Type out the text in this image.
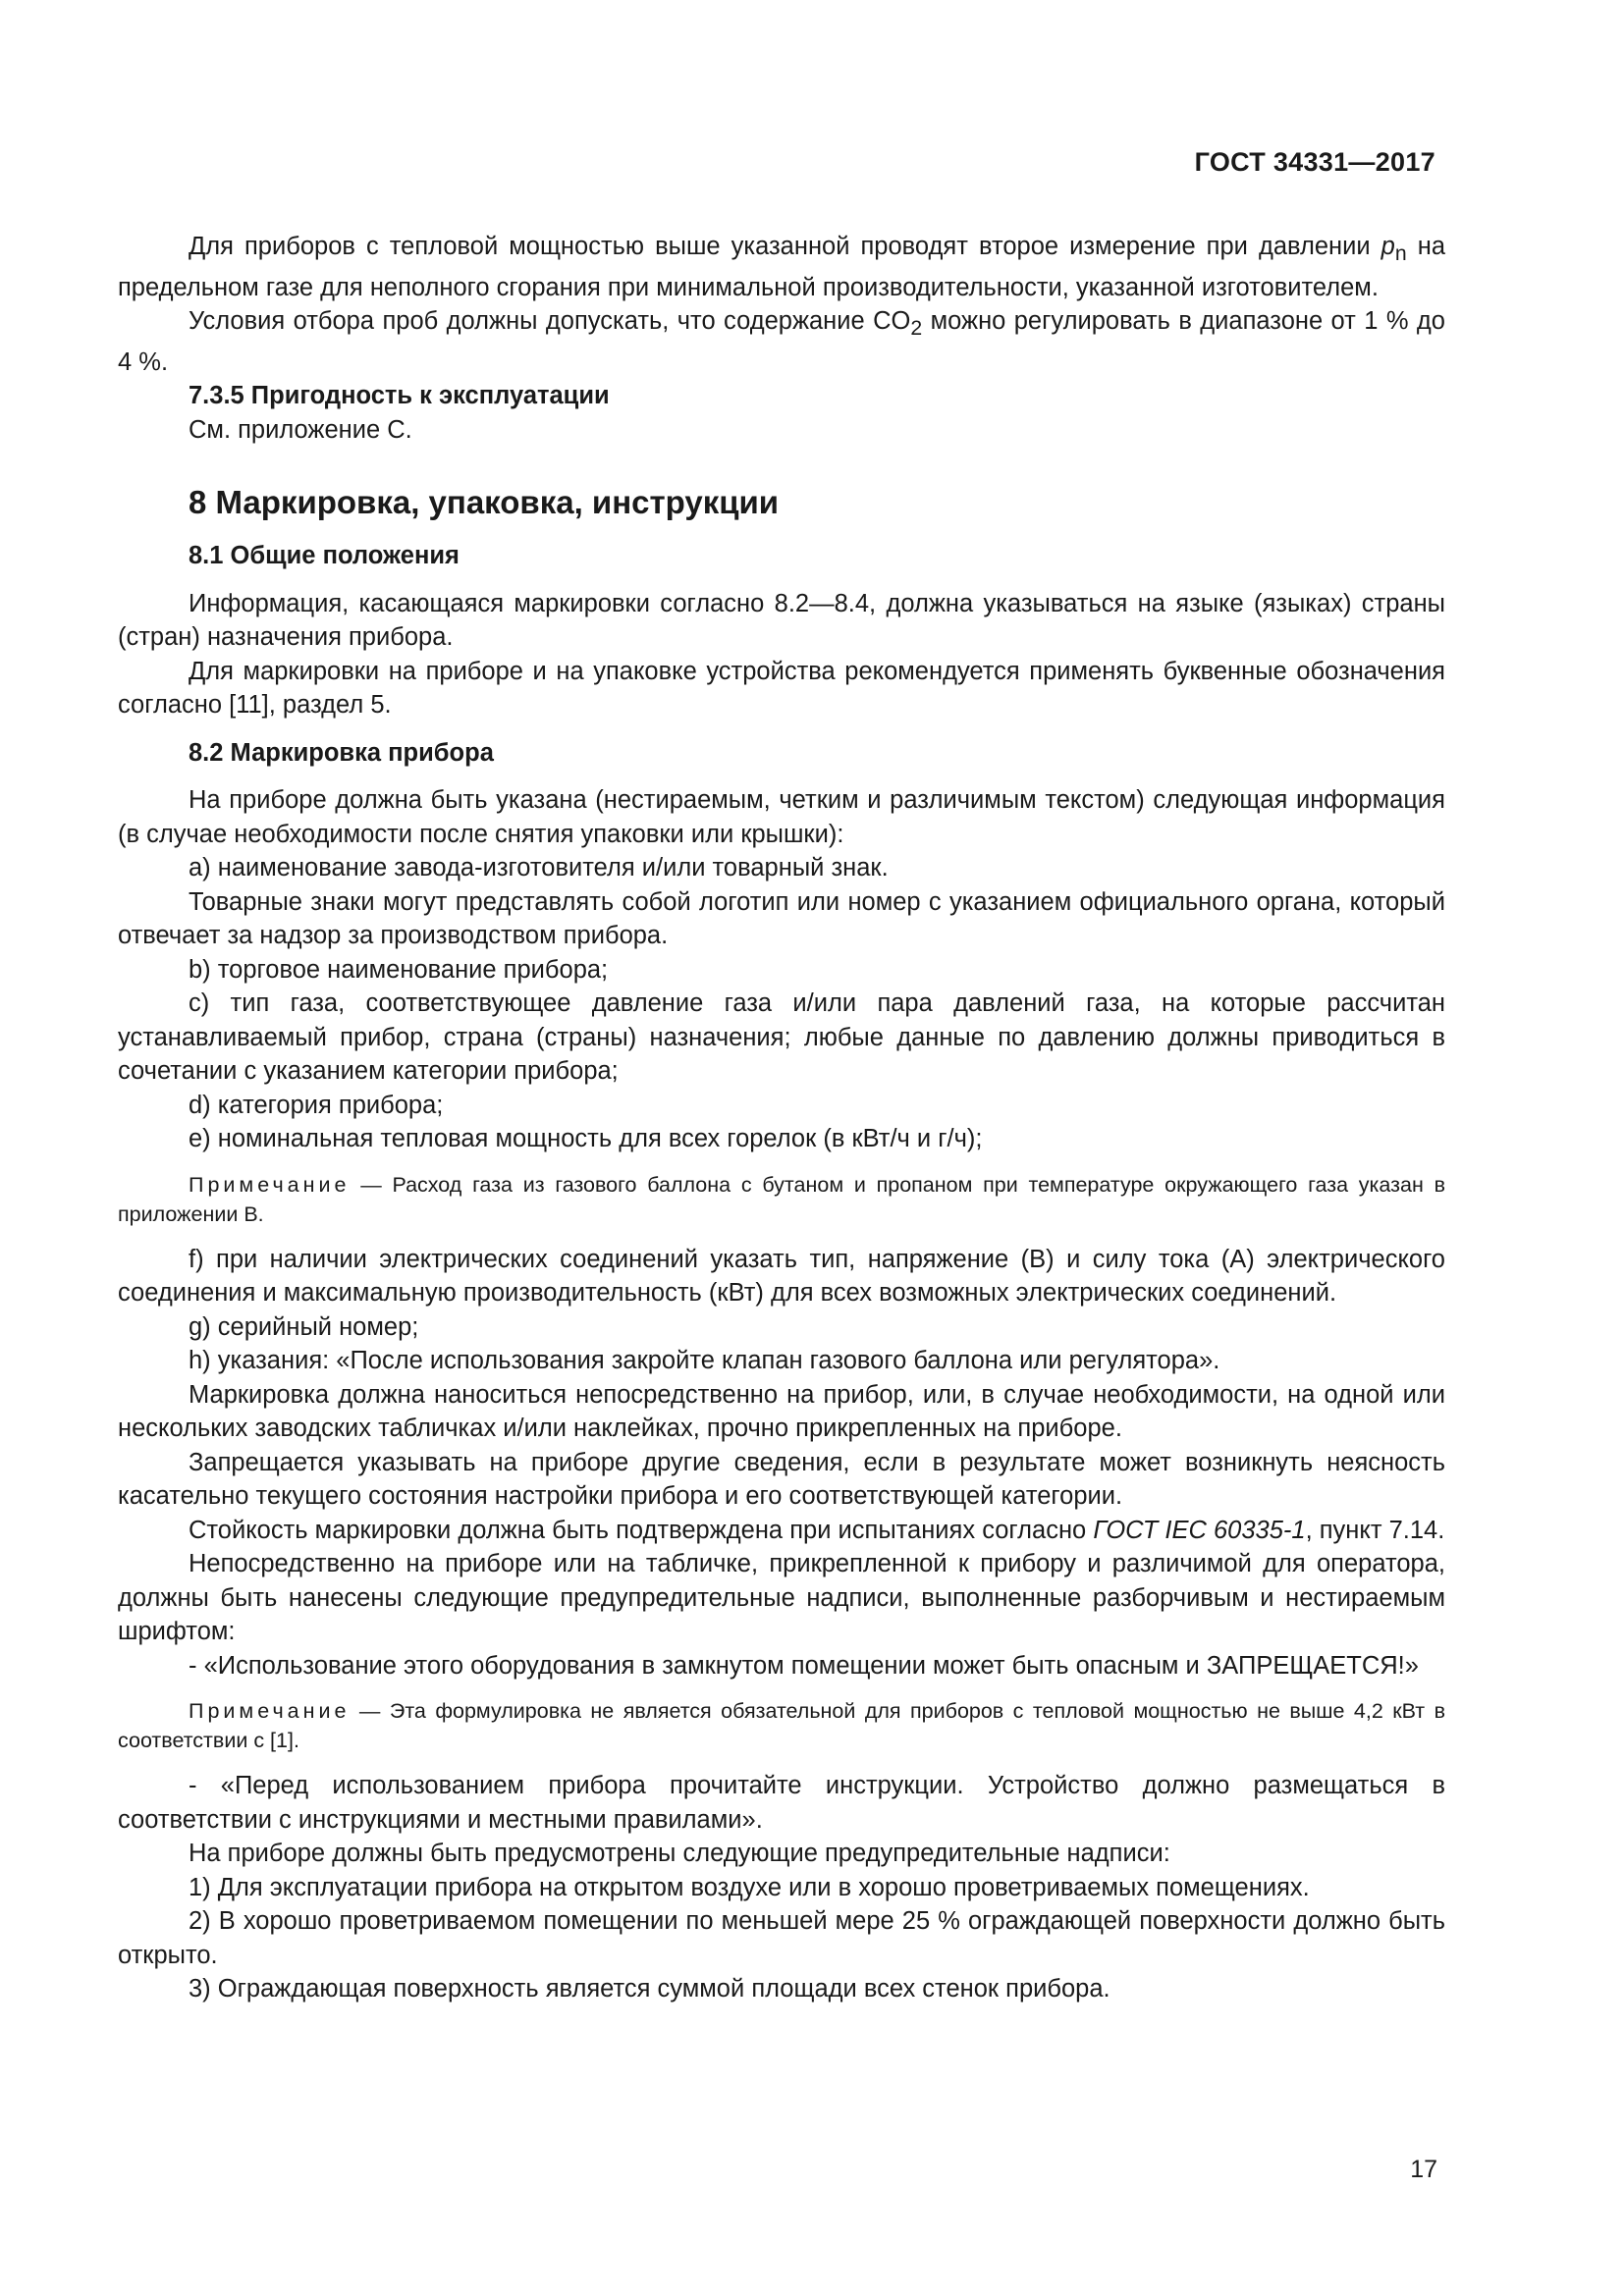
ГОСТ 34331—2017

Для приборов с тепловой мощностью выше указанной проводят второе измерение при давлении $p_n$ на предельном газе для неполного сгорания при минимальной производительности, указанной изготовителем.

Условия отбора проб должны допускать, что содержание $CO_2$ можно регулировать в диапазоне от 1 % до 4 %.

7.3.5 Пригодность к эксплуатации

См. приложение С.

8 Маркировка, упаковка, инструкции

8.1 Общие положения

Информация, касающаяся маркировки согласно 8.2—8.4, должна указываться на языке (языках) страны (стран) назначения прибора.

Для маркировки на приборе и на упаковке устройства рекомендуется применять буквенные обозначения согласно [11], раздел 5.

8.2 Маркировка прибора

На приборе должна быть указана (нестираемым, четким и различимым текстом) следующая информация (в случае необходимости после снятия упаковки или крышки):

а) наименование завода-изготовителя и/или товарный знак.

Товарные знаки могут представлять собой логотип или номер с указанием официального органа, который отвечает за надзор за производством прибора.

b) торговое наименование прибора;

с) тип газа, соответствующее давление газа и/или пара давлений газа, на которые рассчитан устанавливаемый прибор, страна (страны) назначения; любые данные по давлению должны приводиться в сочетании с указанием категории прибора;

d) категория прибора;

е) номинальная тепловая мощность для всех горелок (в кВт/ч и г/ч);

Примечание — Расход газа из газового баллона с бутаном и пропаном при температуре окружающего газа указан в приложении В.

f) при наличии электрических соединений указать тип, напряжение (В) и силу тока (А) электрического соединения и максимальную производительность (кВт) для всех возможных электрических соединений.

g) серийный номер;

h) указания: «После использования закройте клапан газового баллона или регулятора».

Маркировка должна наноситься непосредственно на прибор, или, в случае необходимости, на одной или нескольких заводских табличках и/или наклейках, прочно прикрепленных на приборе.

Запрещается указывать на приборе другие сведения, если в результате может возникнуть неясность касательно текущего состояния настройки прибора и его соответствующей категории.

Стойкость маркировки должна быть подтверждена при испытаниях согласно ГОСТ IEC 60335-1, пункт 7.14.

Непосредственно на приборе или на табличке, прикрепленной к прибору и различимой для оператора, должны быть нанесены следующие предупредительные надписи, выполненные разборчивым и нестираемым шрифтом:

- «Использование этого оборудования в замкнутом помещении может быть опасным и ЗАПРЕЩАЕТСЯ!»

Примечание — Эта формулировка не является обязательной для приборов с тепловой мощностью не выше 4,2 кВт в соответствии с [1].

- «Перед использованием прибора прочитайте инструкции. Устройство должно размещаться в соответствии с инструкциями и местными правилами».

На приборе должны быть предусмотрены следующие предупредительные надписи:

1) Для эксплуатации прибора на открытом воздухе или в хорошо проветриваемых помещениях.

2) В хорошо проветриваемом помещении по меньшей мере 25 % ограждающей поверхности должно быть открыто.

3) Ограждающая поверхность является суммой площади всех стенок прибора.

17
